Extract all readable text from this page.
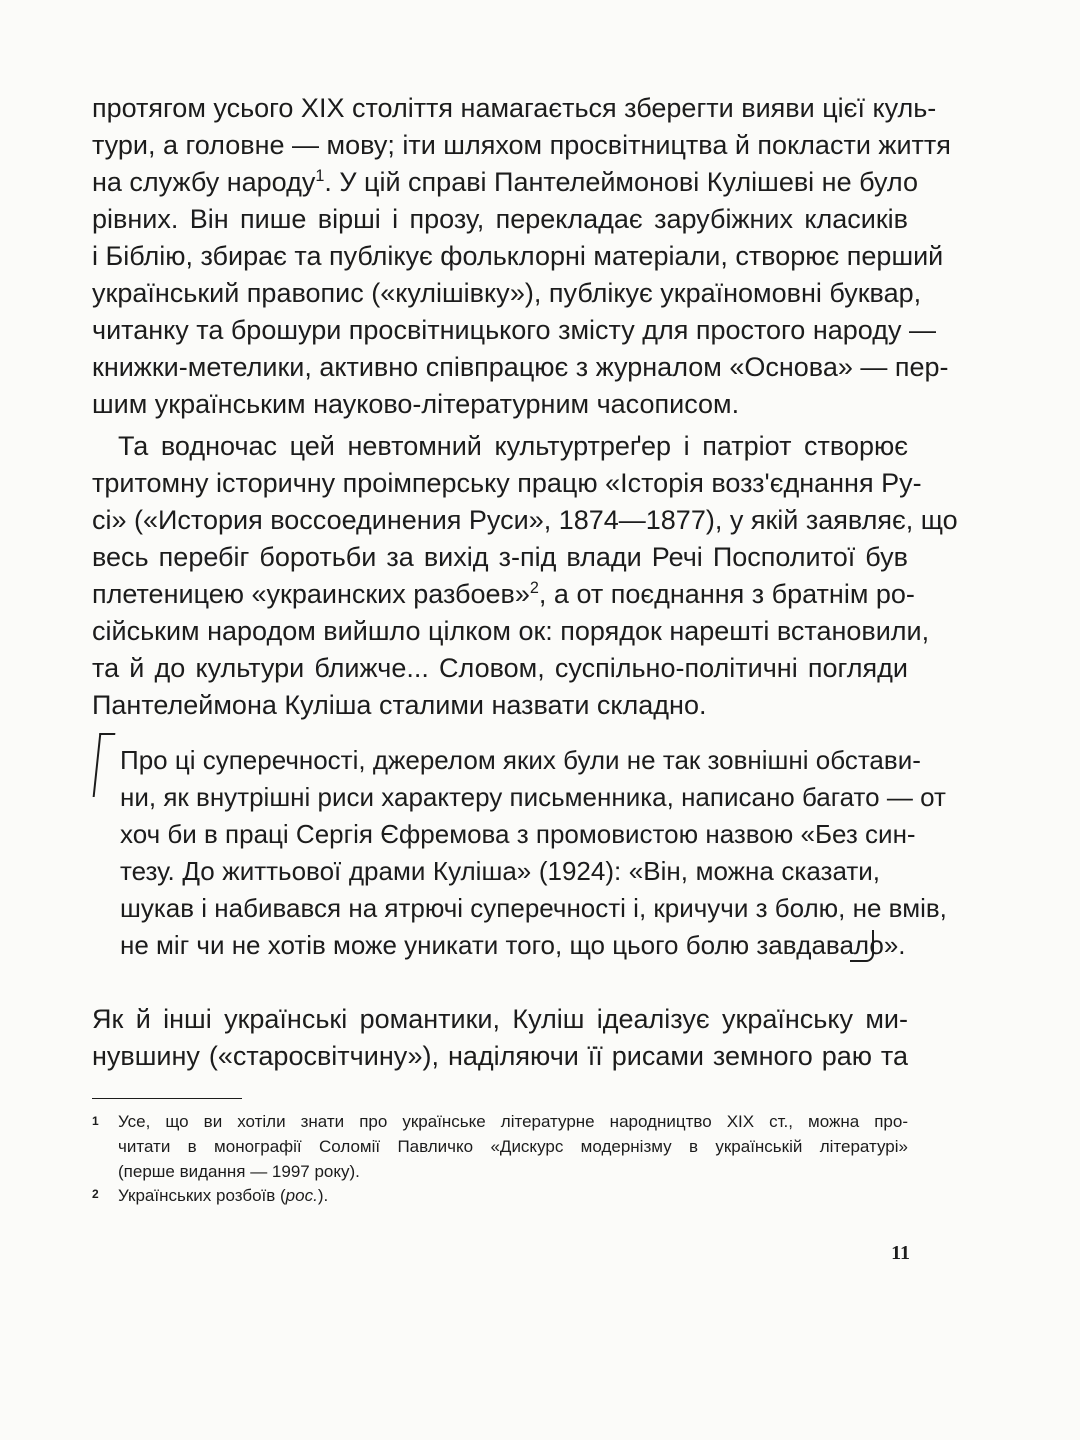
протягом усього XIX століття намагається зберегти вияви цієї куль-
тури, а головне — мову; іти шляхом просвітництва й покласти життя
на службу народу$^1$. У цій справі Пантелеймонові Кулішеві не було
рівних. Він пише вірші і прозу, перекладає зарубіжних класиків
і Біблію, збирає та публікує фольклорні матеріали, створює перший
український правопис («кулішівку»), публікує україномовні буквар,
читанку та брошури просвітницького змісту для простого народу —
книжки-метелики, активно співпрацює з журналом «Основа» — пер-
шим українським науково-літературним часописом.
Та водночас цей невтомний культуртреґер і патріот створює
тритомну історичну проімперську працю «Історія возз'єднання Ру-
сі» («История воссоединения Руси», 1874—1877), у якій заявляє, що
весь перебіг боротьби за вихід з-під влади Речі Посполитої був
плетеницею «украинских разбоев»$^2$, а от поєднання з братнім ро-
сійським народом вийшло цілком ок: порядок нарешті встановили,
та й до культури ближче... Словом, суспільно-політичні погляди
Пантелеймона Куліша сталими назвати складно.
Про ці суперечності, джерелом яких були не так зовнішні обстави-
ни, як внутрішні риси характеру письменника, написано багато — от
хоч би в праці Сергія Єфремова з промовистою назвою «Без син-
тезу. До життьової драми Куліша» (1924): «Він, можна сказати,
шукав і набивався на ятрючі суперечності і, кричучи з болю, не вмів,
не міг чи не хотів може уникати того, що цього болю завдавало».
Як й інші українські романтики, Куліш ідеалізує українську ми-
нувшину («старосвітчину»), наділяючи її рисами земного раю та
1 Усе, що ви хотіли знати про українське літературне народництво XIX ст., можна про-
читати в монографії Соломії Павличко «Дискурс модернізму в українській літературі»
(перше видання — 1997 року).
2 Українських розбоїв (рос.).
11
